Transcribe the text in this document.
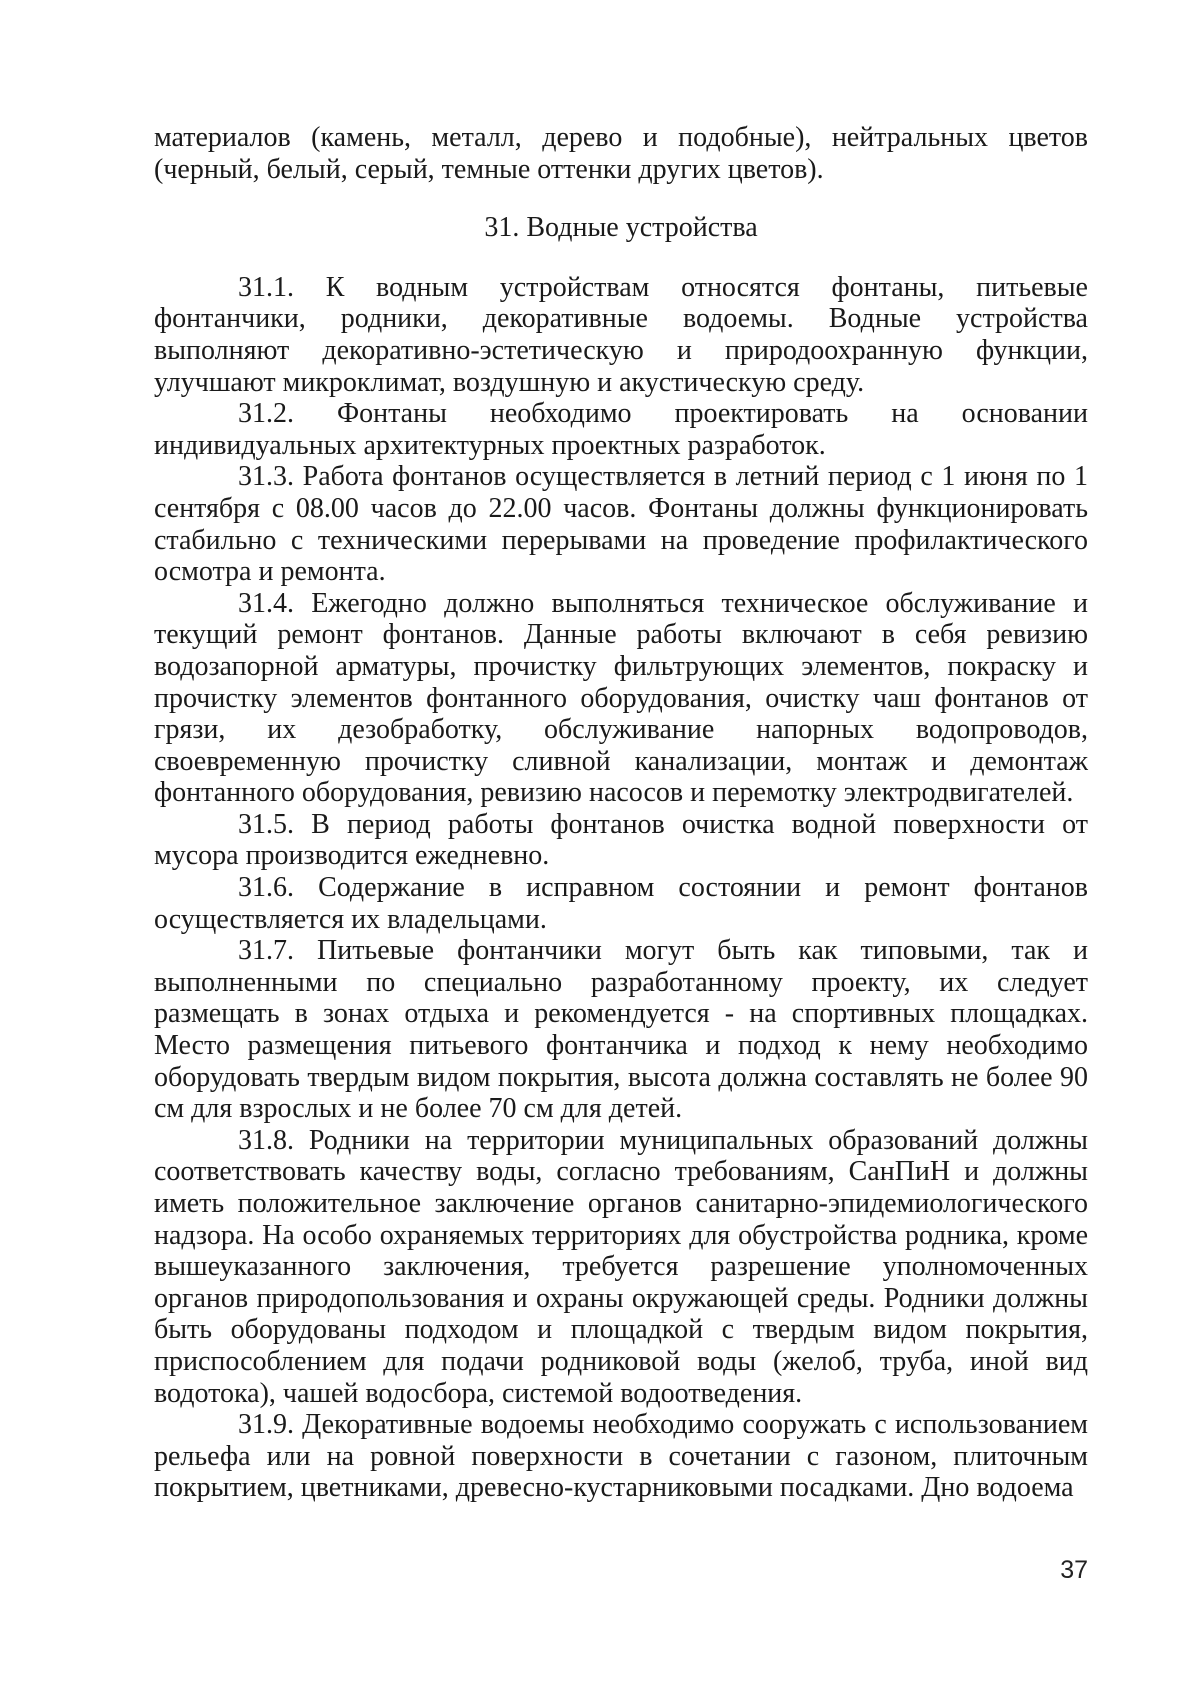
материалов (камень, металл, дерево и подобные), нейтральных цветов (черный, белый, серый, темные оттенки других цветов).

31. Водные устройства

31.1. К водным устройствам относятся фонтаны, питьевые фонтанчики, родники, декоративные водоемы. Водные устройства выполняют декоративно-эстетическую и природоохранную функции, улучшают микроклимат, воздушную и акустическую среду.

31.2. Фонтаны необходимо проектировать на основании индивидуальных архитектурных проектных разработок.

31.3. Работа фонтанов осуществляется в летний период с 1 июня по 1 сентября с 08.00 часов до 22.00 часов. Фонтаны должны функционировать стабильно с техническими перерывами на проведение профилактического осмотра и ремонта.

31.4. Ежегодно должно выполняться техническое обслуживание и текущий ремонт фонтанов. Данные работы включают в себя ревизию водозапорной арматуры, прочистку фильтрующих элементов, покраску и прочистку элементов фонтанного оборудования, очистку чаш фонтанов от грязи, их дезобработку, обслуживание напорных водопроводов, своевременную прочистку сливной канализации, монтаж и демонтаж фонтанного оборудования, ревизию насосов и перемотку электродвигателей.

31.5. В период работы фонтанов очистка водной поверхности от мусора производится ежедневно.

31.6. Содержание в исправном состоянии и ремонт фонтанов осуществляется их владельцами.

31.7. Питьевые фонтанчики могут быть как типовыми, так и выполненными по специально разработанному проекту, их следует размещать в зонах отдыха и рекомендуется - на спортивных площадках. Место размещения питьевого фонтанчика и подход к нему необходимо оборудовать твердым видом покрытия, высота должна составлять не более 90 см для взрослых и не более 70 см для детей.

31.8. Родники на территории муниципальных образований должны соответствовать качеству воды, согласно требованиям, СанПиН и должны иметь положительное заключение органов санитарно-эпидемиологического надзора. На особо охраняемых территориях для обустройства родника, кроме вышеуказанного заключения, требуется разрешение уполномоченных органов природопользования и охраны окружающей среды. Родники должны быть оборудованы подходом и площадкой с твердым видом покрытия, приспособлением для подачи родниковой воды (желоб, труба, иной вид водотока), чашей водосбора, системой водоотведения.

31.9. Декоративные водоемы необходимо сооружать с использованием рельефа или на ровной поверхности в сочетании с газоном, плиточным покрытием, цветниками, древесно-кустарниковыми посадками. Дно водоема

37
